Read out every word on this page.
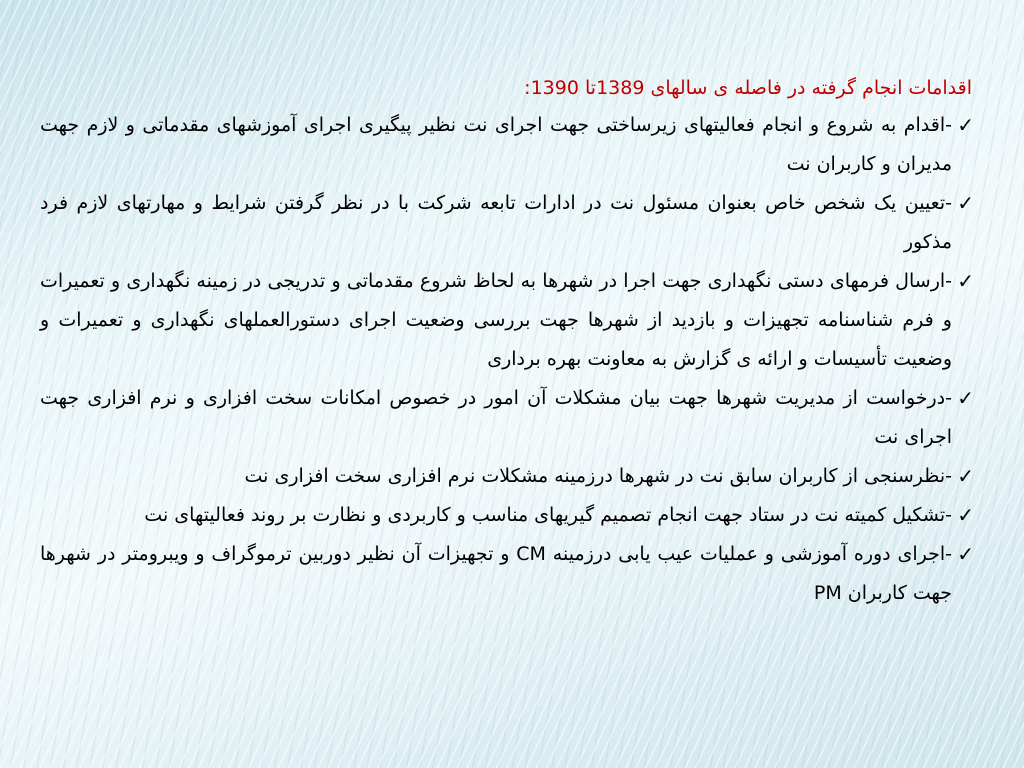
اقدامات انجام گرفته در فاصله ی سالهای 1389تا 1390:

✓
-اقدام به شروع و انجام فعالیتهای زیرساختی جهت اجرای نت نظیر پیگیری اجرای آموزشهای مقدماتی و لازم جهت مدیران و کاربران نت

✓
-تعیین یک شخص خاص بعنوان مسئول نت در ادارات تابعه شرکت با در نظر گرفتن شرایط و مهارتهای لازم فرد مذکور

✓
-ارسال فرمهای دستی نگهداری جهت اجرا در شهرها به لحاظ شروع مقدماتی و تدریجی در زمینه نگهداری و تعمیرات و فرم شناسنامه تجهیزات و بازدید از شهرها جهت بررسی وضعیت اجرای دستورالعملهای نگهداری و تعمیرات و وضعیت تأسیسات و ارائه ی گزارش به معاونت بهره برداری

✓
-درخواست از مدیریت شهرها جهت بیان مشکلات آن امور در خصوص امکانات سخت افزاری و نرم افزاری جهت اجرای نت

✓
-نظرسنجی از کاربران سابق نت در شهرها درزمینه مشکلات نرم افزاری سخت افزاری نت

✓
-تشکیل کمیته نت در ستاد جهت انجام تصمیم گیریهای مناسب و کاربردی و نظارت بر روند فعالیتهای نت

✓
-اجرای دوره آموزشی و عملیات عیب یابی درزمینه CM و تجهیزات آن نظیر دوربین ترموگراف و ویبرومتر در شهرها جهت کاربران PM
